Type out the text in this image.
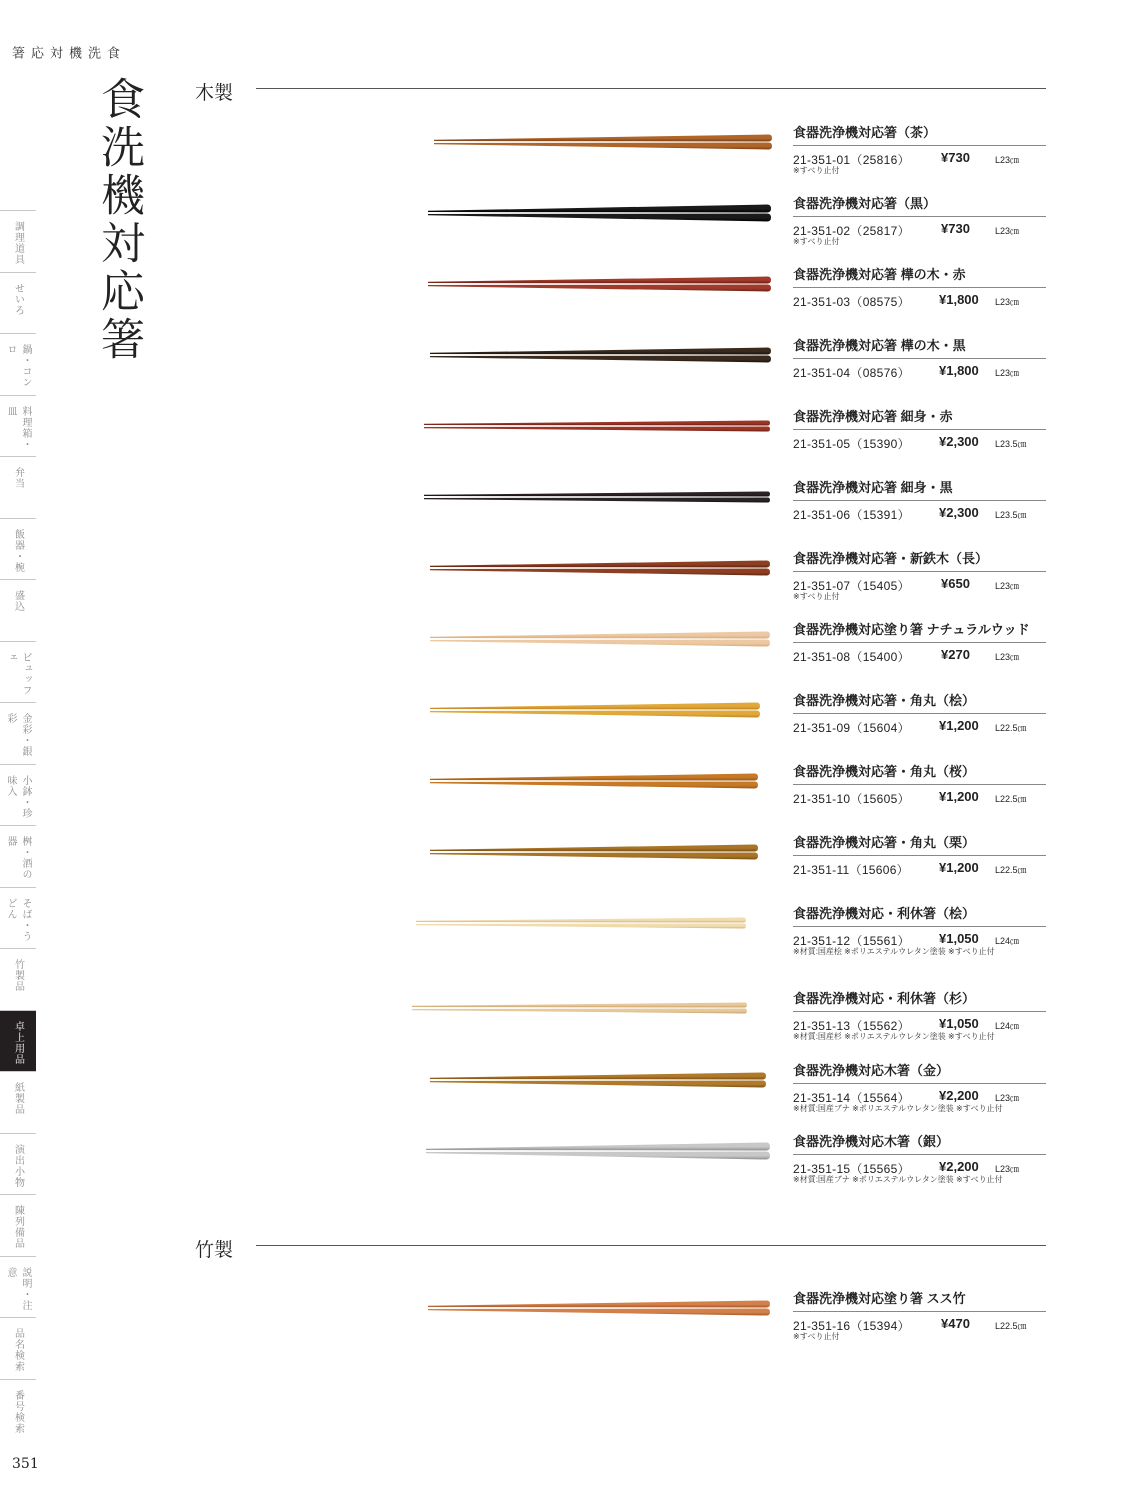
食洗機対応箸
調理道具
せいろ
鍋・コンロ
料理箱・皿
弁当
飯器・椀
盛込
ビュッフェ
金彩・銀彩
小鉢・珍味入
桝・酒の器
そば・うどん
竹製品
卓上用品
紙製品
演出小物
陳列備品
説明・注意
品名検索
番号検索
食洗機対応箸	木製
竹製
食器洗浄機対応箸（茶）
21-351-01（25816） ¥730	L23㎝
※すべり止付
食器洗浄機対応箸（黒）
21-351-02（25817） ¥730	L23㎝
※すべり止付
食器洗浄機対応箸 樺の木・赤
21-351-03（08575） ¥1,800 L23㎝
食器洗浄機対応箸 樺の木・黒
21-351-04（08576） ¥1,800 L23㎝
食器洗浄機対応箸 細身・赤
21-351-05（15390） ¥2,300 L23.5㎝
食器洗浄機対応箸 細身・黒
21-351-06（15391） ¥2,300 L23.5㎝
食器洗浄機対応箸・新鉄木（長）
21-351-07（15405） ¥650	L23㎝
※すべり止付
食器洗浄機対応塗り箸 ナチュラルウッド
21-351-08（15400） ¥270	L23㎝
食器洗浄機対応箸・角丸（桧）
21-351-09（15604） ¥1,200 L22.5㎝
食器洗浄機対応箸・角丸（桜）
21-351-10（15605） ¥1,200 L22.5㎝
食器洗浄機対応箸・角丸（栗）
21-351-11（15606） ¥1,200 L22.5㎝
食器洗浄機対応・利休箸（桧）
21-351-12（15561） ¥1,050 L24㎝
※材質:国産桧 ※ポリエステルウレタン塗装 ※すべり止付
食器洗浄機対応・利休箸（杉）
21-351-13（15562） ¥1,050 L24㎝
※材質:国産杉 ※ポリエステルウレタン塗装 ※すべり止付
食器洗浄機対応木箸（金）
21-351-14（15564） ¥2,200 L23㎝
※材質:国産ブナ ※ポリエステルウレタン塗装 ※すべり止付
食器洗浄機対応木箸（銀）
21-351-15（15565） ¥2,200 L23㎝
※材質:国産ブナ ※ポリエステルウレタン塗装 ※すべり止付
食器洗浄機対応塗り箸 スス竹
21-351-16（15394） ¥470	L22.5㎝
※すべり止付
351
